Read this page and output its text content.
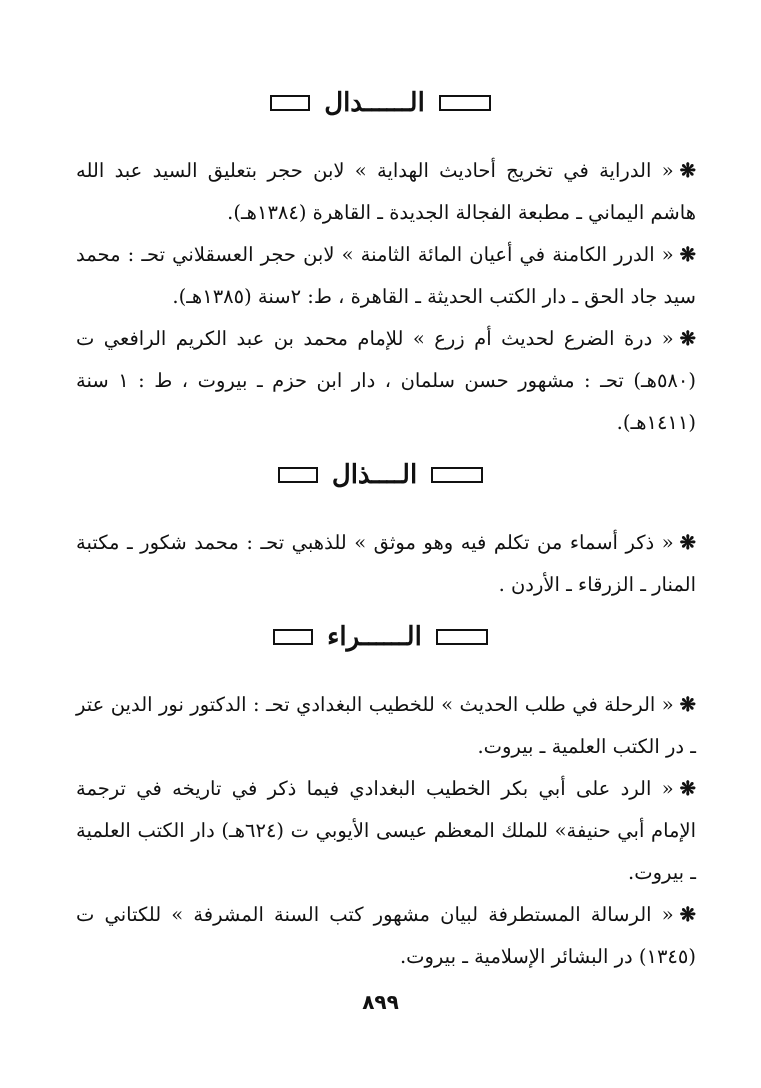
الــــــدال
❋« الدراية في تخريج أحاديث الهداية » لابن حجر بتعليق السيد عبد الله هاشم اليماني ـ مطبعة الفجالة الجديدة ـ القاهرة (١٣٨٤هـ).
❋« الدرر الكامنة في أعيان المائة الثامنة » لابن حجر العسقلاني تحـ : محمد سيد جاد الحق ـ دار الكتب الحديثة ـ القاهرة ، ط: ٢سنة (١٣٨٥هـ).
❋« درة الضرع لحديث أم زرع » للإمام محمد بن عبد الكريم الرافعي ت (٥٨٠هـ) تحـ : مشهور حسن سلمان ، دار ابن حزم ـ بيروت ، ط : ١ سنة (١٤١١هـ).
الــــذال
❋« ذكر أسماء من تكلم فيه وهو موثق » للذهبي تحـ : محمد شكور ـ مكتبة المنار ـ الزرقاء ـ الأردن .
الــــــراء
❋« الرحلة في طلب الحديث » للخطيب البغدادي تحـ : الدكتور نور الدين عتر ـ در الكتب العلمية ـ بيروت.
❋« الرد على أبي بكر الخطيب البغدادي فيما ذكر في تاريخه في ترجمة الإمام أبي حنيفة» للملك المعظم عيسى الأيوبي ت (٦٢٤هـ) دار الكتب العلمية ـ بيروت.
❋« الرسالة المستطرفة لبيان مشهور كتب السنة المشرفة » للكتاني ت (١٣٤٥) در البشائر الإسلامية ـ بيروت.
٨٩٩
